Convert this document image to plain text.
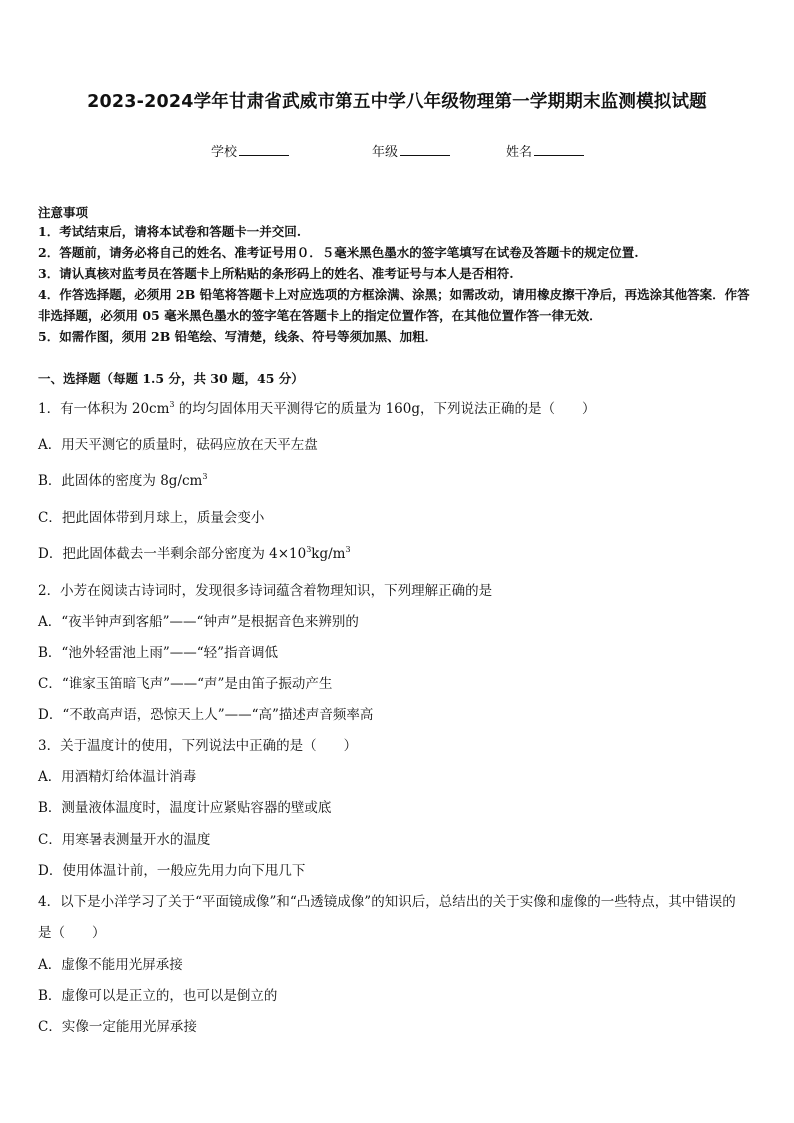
2023-2024学年甘肃省武威市第五中学八年级物理第一学期期末监测模拟试题
学校	年级	姓名
注意事项
1．考试结束后，请将本试卷和答题卡一并交回.
2．答题前，请务必将自己的姓名、准考证号用０．５毫米黑色墨水的签字笔填写在试卷及答题卡的规定位置.
3．请认真核对监考员在答题卡上所粘贴的条形码上的姓名、准考证号与本人是否相符.
4．作答选择题，必须用 2B 铅笔将答题卡上对应选项的方框涂满、涂黑；如需改动，请用橡皮擦干净后，再选涂其他答案．作答非选择题，必须用 05 毫米黑色墨水的签字笔在答题卡上的指定位置作答，在其他位置作答一律无效．
5．如需作图，须用 2B 铅笔绘、写清楚，线条、符号等须加黑、加粗．
一、选择题（每题 1.5 分，共 30 题，45 分）
1．有一体积为 $20cm^3$ 的均匀固体用天平测得它的质量为 160g，下列说法正确的是（　　）
A．用天平测它的质量时，砝码应放在天平左盘
B．此固体的密度为 $8g/cm^3$
C．把此固体带到月球上，质量会变小
D．把此固体截去一半剩余部分密度为 $4\times 10^3kg/m^3$
2．小芳在阅读古诗词时，发现很多诗词蕴含着物理知识，下列理解正确的是
A．“夜半钟声到客船”——“钟声”是根据音色来辨别的
B．“池外轻雷池上雨”——“轻”指音调低
C．“谁家玉笛暗飞声”——“声”是由笛子振动产生
D．“不敢高声语，恐惊天上人”——“高”描述声音频率高
3．关于温度计的使用，下列说法中正确的是（　　）
A．用酒精灯给体温计消毒
B．测量液体温度时，温度计应紧贴容器的壁或底
C．用寒暑表测量开水的温度
D．使用体温计前，一般应先用力向下甩几下
4．以下是小洋学习了关于“平面镜成像”和“凸透镜成像”的知识后，总结出的关于实像和虚像的一些特点，其中错误的
是（　　）
A．虚像不能用光屏承接
B．虚像可以是正立的，也可以是倒立的
C．实像一定能用光屏承接
